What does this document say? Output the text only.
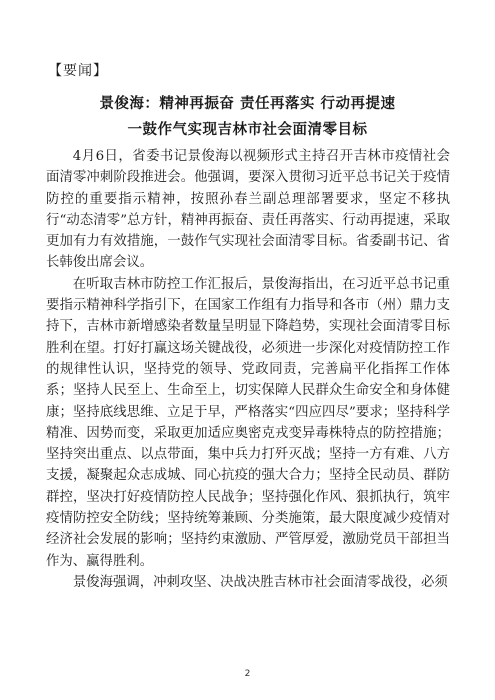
【要闻】
景俊海：精神再振奋 责任再落实 行动再提速
一鼓作气实现吉林市社会面清零目标

4月6日，省委书记景俊海以视频形式主持召开吉林市疫情社会面清零冲刺阶段推进会。他强调，要深入贯彻习近平总书记关于疫情防控的重要指示精神，按照孙春兰副总理部署要求，坚定不移执行“动态清零”总方针，精神再振奋、责任再落实、行动再提速，采取更加有力有效措施，一鼓作气实现社会面清零目标。省委副书记、省长韩俊出席会议。

在听取吉林市防控工作汇报后，景俊海指出，在习近平总书记重要指示精神科学指引下，在国家工作组有力指导和各市（州）鼎力支持下，吉林市新增感染者数量呈明显下降趋势，实现社会面清零目标胜利在望。打好打赢这场关键战役，必须进一步深化对疫情防控工作的规律性认识，坚持党的领导、党政同责，完善扁平化指挥工作体系；坚持人民至上、生命至上，切实保障人民群众生命安全和身体健康；坚持底线思维、立足于早，严格落实“四应四尽”要求；坚持科学精准、因势而变，采取更加适应奥密克戎变异毒株特点的防控措施；坚持突出重点、以点带面，集中兵力打歼灭战；坚持一方有难、八方支援，凝聚起众志成城、同心抗疫的强大合力；坚持全民动员、群防群控，坚决打好疫情防控人民战争；坚持强化作风、狠抓执行，筑牢疫情防控安全防线；坚持统筹兼顾、分类施策，最大限度减少疫情对经济社会发展的影响；坚持约束激励、严管厚爱，激励党员干部担当作为、赢得胜利。

景俊海强调，冲刺攻坚、决战决胜吉林市社会面清零战役，必须

2
